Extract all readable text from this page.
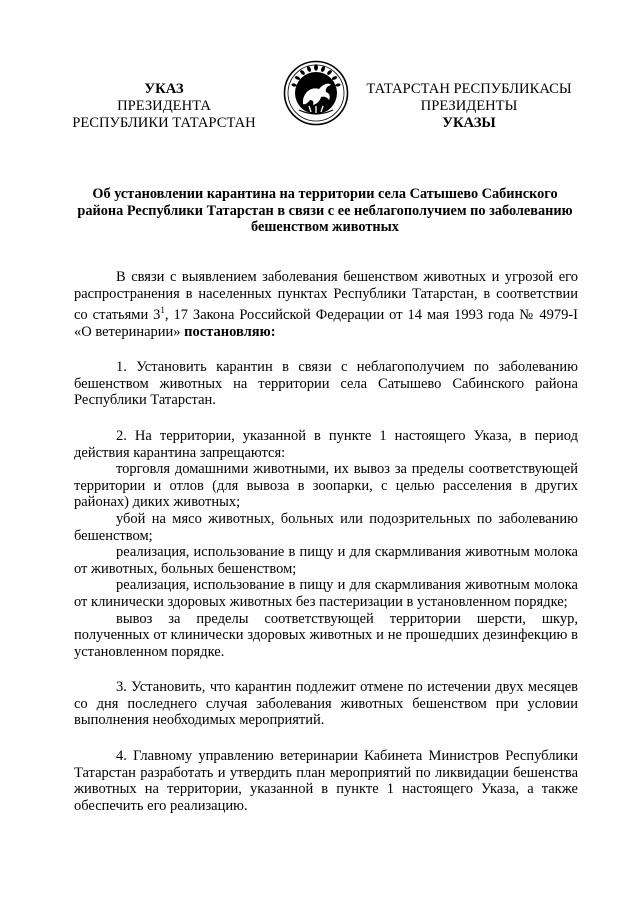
УКАЗ
ПРЕЗИДЕНТА
РЕСПУБЛИКИ ТАТАРСТАН
ТАТАРСТАН РЕСПУБЛИКАСЫ
ПРЕЗИДЕНТЫ
УКАЗЫ
Об установлении карантина на территории села Сатышево Сабинского района Республики Татарстан в связи с ее неблагополучием по заболеванию бешенством животных

В связи с выявлением заболевания бешенством животных и угрозой его распространения в населенных пунктах Республики Татарстан, в соответствии со статьями $3^1$, 17 Закона Российской Федерации от 14 мая 1993 года № 4979-I «О ветеринарии» постановляю:

1. Установить карантин в связи с неблагополучием по заболеванию бешенством животных на территории села Сатышево Сабинского района Республики Татарстан.

2. На территории, указанной в пункте 1 настоящего Указа, в период действия карантина запрещаются:

торговля домашними животными, их вывоз за пределы соответствующей территории и отлов (для вывоза в зоопарки, с целью расселения в других районах) диких животных;

убой на мясо животных, больных или подозрительных по заболеванию бешенством;

реализация, использование в пищу и для скармливания животным молока от животных, больных бешенством;

реализация, использование в пищу и для скармливания животным молока от клинически здоровых животных без пастеризации в установленном порядке;

вывоз за пределы соответствующей территории шерсти, шкур, полученных от клинически здоровых животных и не прошедших дезинфекцию в установленном порядке.

3. Установить, что карантин подлежит отмене по истечении двух месяцев со дня последнего случая заболевания животных бешенством при условии выполнения необходимых мероприятий.

4. Главному управлению ветеринарии Кабинета Министров Республики Татарстан разработать и утвердить план мероприятий по ликвидации бешенства животных на территории, указанной в пункте 1 настоящего Указа, а также обеспечить его реализацию.
